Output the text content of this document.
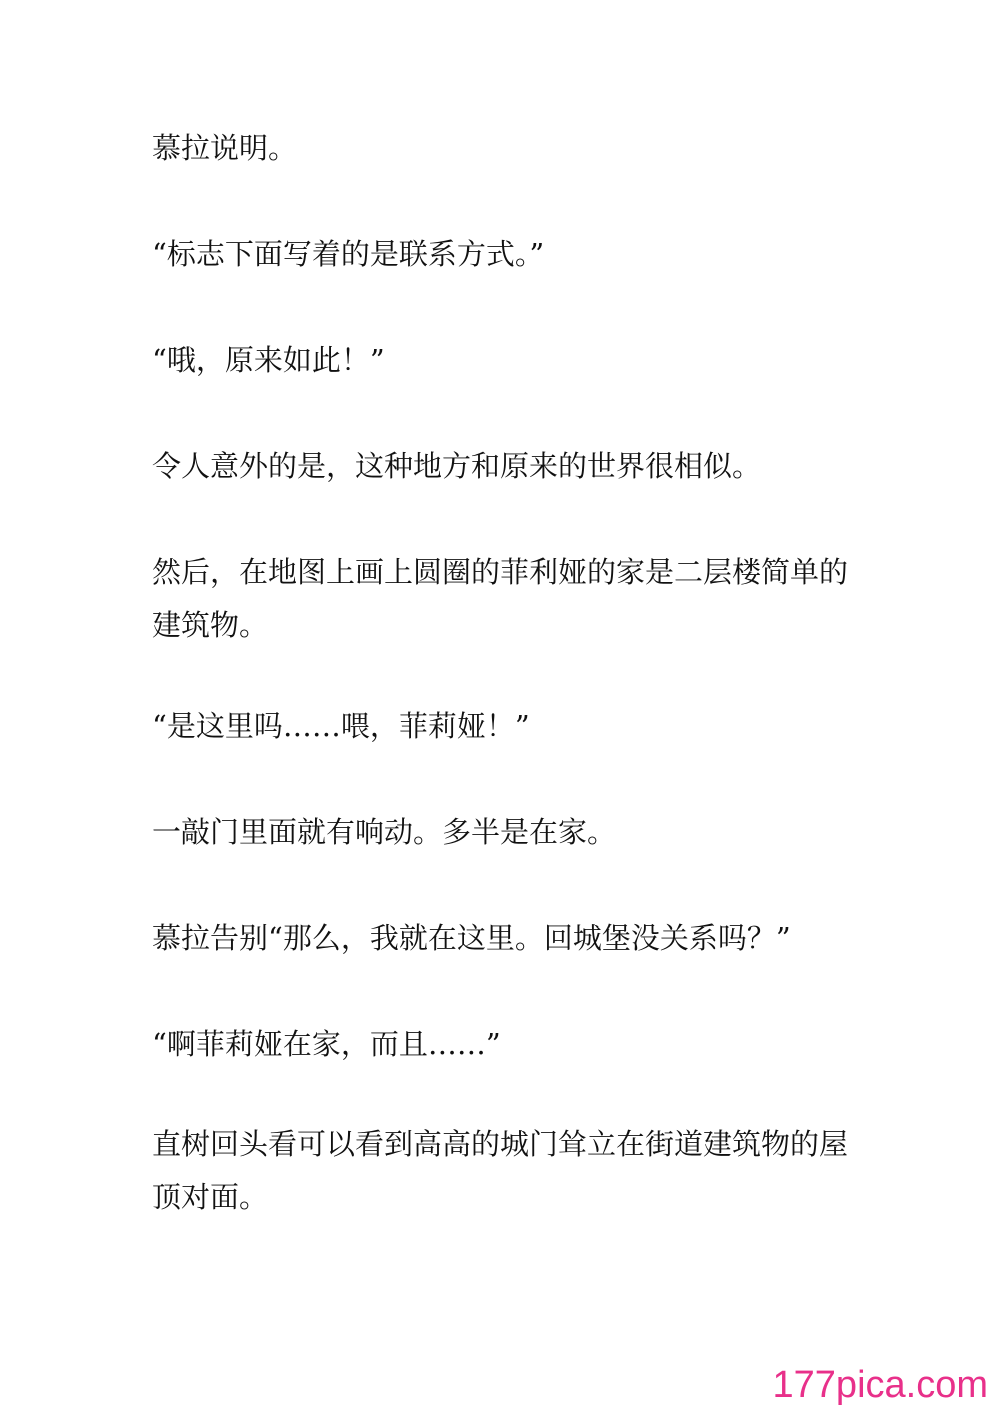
慕拉说明。

“标志下面写着的是联系方式。”

“哦，原来如此！”

令人意外的是，这种地方和原来的世界很相似。

然后，在地图上画上圆圈的菲利娅的家是二层楼简单的建筑物。

“是这里吗……喂，菲莉娅！”

一敲门里面就有响动。多半是在家。

慕拉告别“那么，我就在这里。回城堡没关系吗？”

“啊菲莉娅在家，而且……”

直树回头看可以看到高高的城门耸立在街道建筑物的屋顶对面。

177pica.com
